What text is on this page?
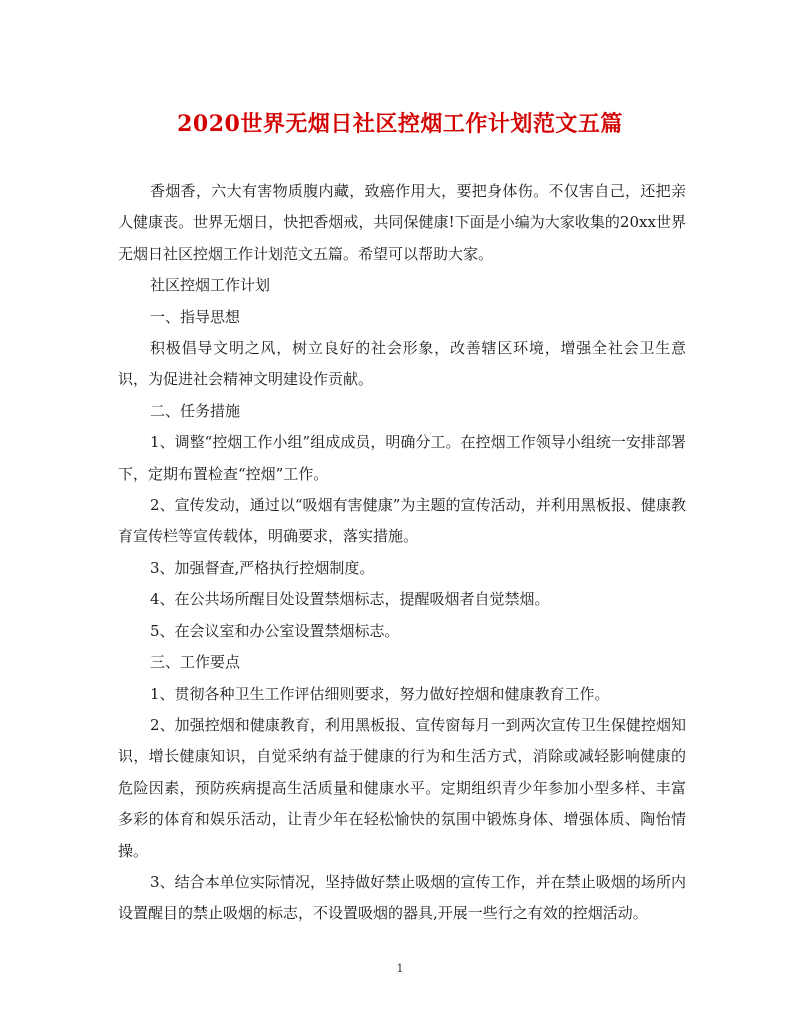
2020世界无烟日社区控烟工作计划范文五篇

香烟香，六大有害物质腹内藏，致癌作用大，要把身体伤。不仅害自己，还把亲人健康丧。世界无烟日，快把香烟戒，共同保健康!下面是小编为大家收集的20xx世界无烟日社区控烟工作计划范文五篇。希望可以帮助大家。

社区控烟工作计划

一、指导思想

积极倡导文明之风，树立良好的社会形象，改善辖区环境，增强全社会卫生意识，为促进社会精神文明建设作贡献。

二、任务措施

1、调整“控烟工作小组”组成成员，明确分工。在控烟工作领导小组统一安排部署下，定期布置检查“控烟”工作。

2、宣传发动，通过以“吸烟有害健康”为主题的宣传活动，并利用黑板报、健康教育宣传栏等宣传载体，明确要求，落实措施。

3、加强督查,严格执行控烟制度。

4、在公共场所醒目处设置禁烟标志，提醒吸烟者自觉禁烟。

5、在会议室和办公室设置禁烟标志。

三、工作要点

1、贯彻各种卫生工作评估细则要求，努力做好控烟和健康教育工作。

2、加强控烟和健康教育，利用黑板报、宣传窗每月一到两次宣传卫生保健控烟知识，增长健康知识，自觉采纳有益于健康的行为和生活方式，消除或减轻影响健康的危险因素，预防疾病提高生活质量和健康水平。定期组织青少年参加小型多样、丰富多彩的体育和娱乐活动，让青少年在轻松愉快的氛围中锻炼身体、增强体质、陶怡情操。

3、结合本单位实际情况，坚持做好禁止吸烟的宣传工作，并在禁止吸烟的场所内设置醒目的禁止吸烟的标志，不设置吸烟的器具,开展一些行之有效的控烟活动。

1
